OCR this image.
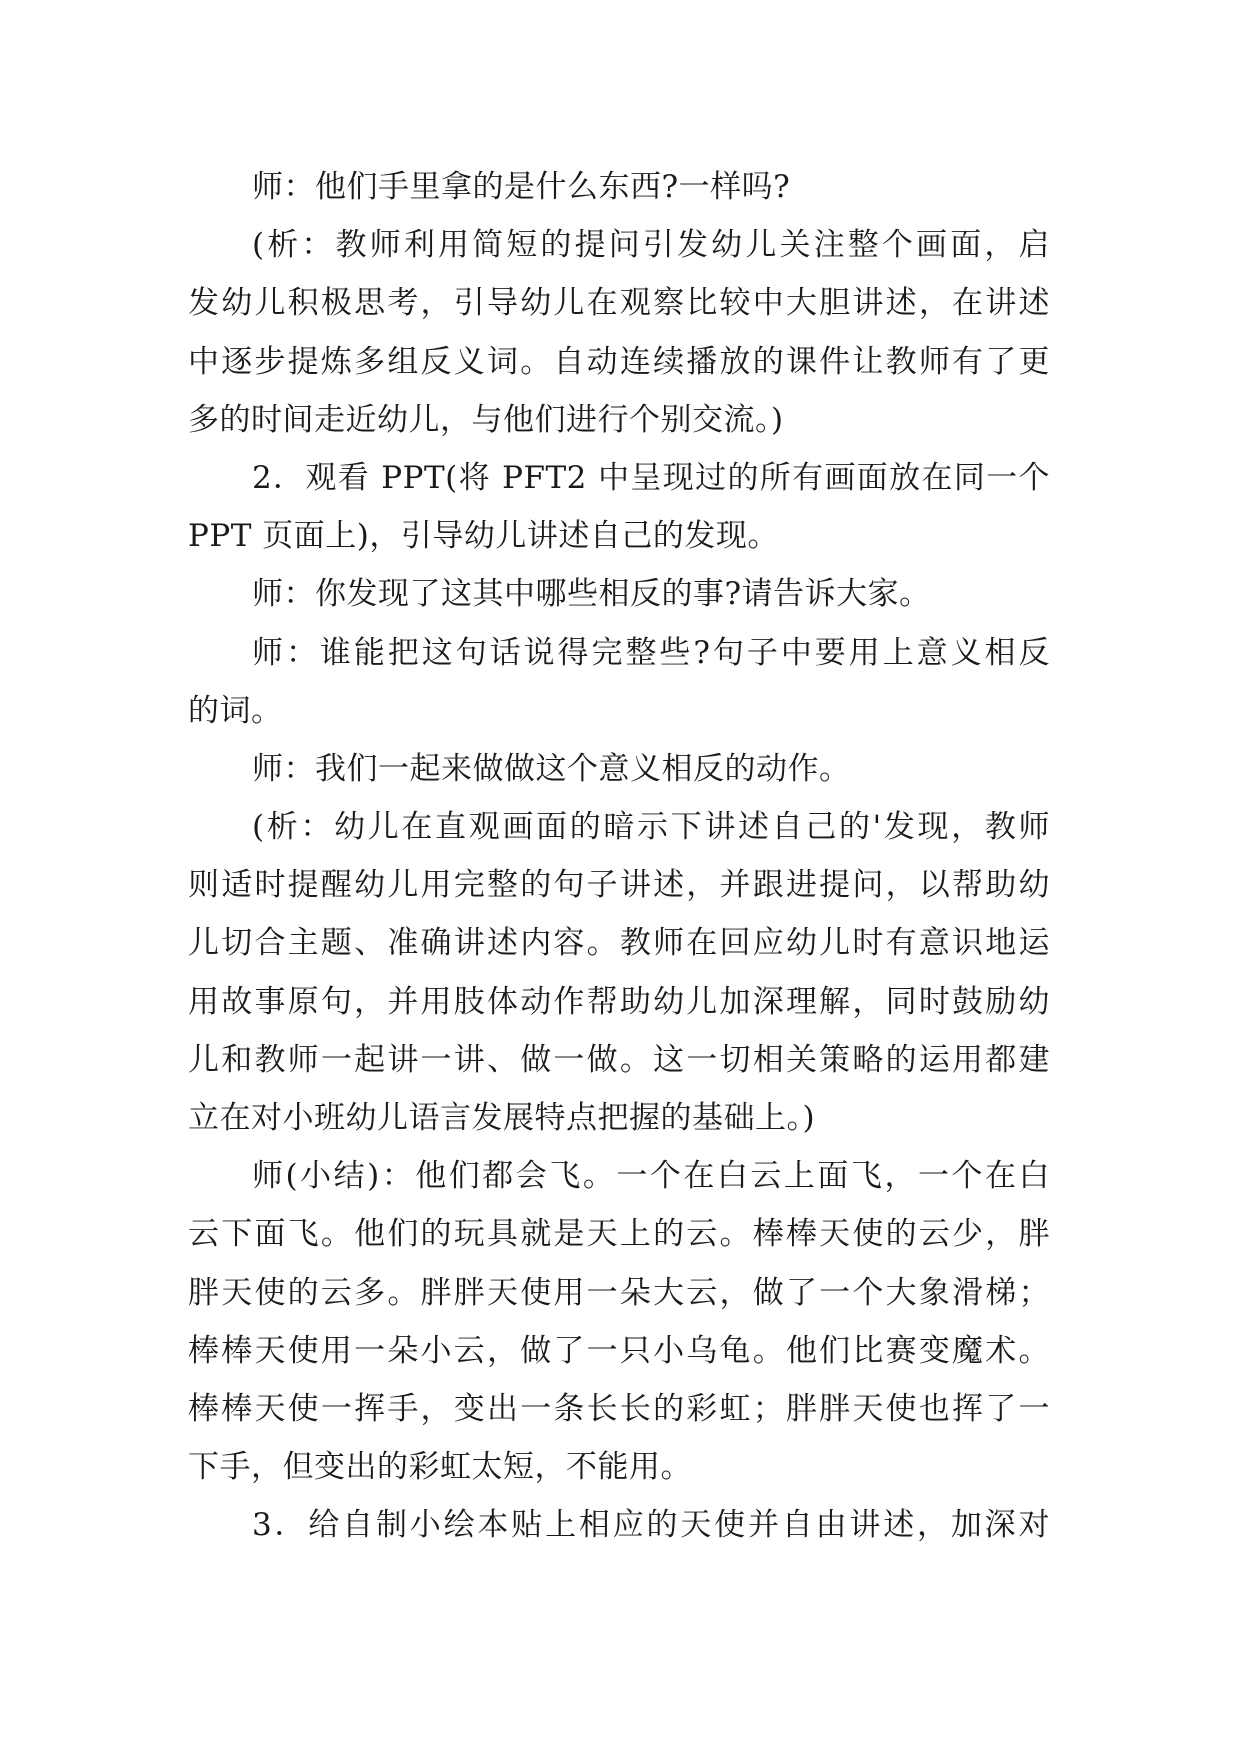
师：他们手里拿的是什么东西?一样吗?
(析：教师利用简短的提问引发幼儿关注整个画面，启
发幼儿积极思考，引导幼儿在观察比较中大胆讲述，在讲述
中逐步提炼多组反义词。自动连续播放的课件让教师有了更
多的时间走近幼儿，与他们进行个别交流。)
2．观看 PPT(将 PFT2 中呈现过的所有画面放在同一个
PPT 页面上)，引导幼儿讲述自己的发现。
师：你发现了这其中哪些相反的事?请告诉大家。
师：谁能把这句话说得完整些?句子中要用上意义相反
的词。
师：我们一起来做做这个意义相反的动作。
(析：幼儿在直观画面的暗示下讲述自己的'发现，教师
则适时提醒幼儿用完整的句子讲述，并跟进提问，以帮助幼
儿切合主题、准确讲述内容。教师在回应幼儿时有意识地运
用故事原句，并用肢体动作帮助幼儿加深理解，同时鼓励幼
儿和教师一起讲一讲、做一做。这一切相关策略的运用都建
立在对小班幼儿语言发展特点把握的基础上。)
师(小结)：他们都会飞。一个在白云上面飞，一个在白
云下面飞。他们的玩具就是天上的云。棒棒天使的云少，胖
胖天使的云多。胖胖天使用一朵大云，做了一个大象滑梯；
棒棒天使用一朵小云，做了一只小乌龟。他们比赛变魔术。
棒棒天使一挥手，变出一条长长的彩虹；胖胖天使也挥了一
下手，但变出的彩虹太短，不能用。
3．给自制小绘本贴上相应的天使并自由讲述，加深对
